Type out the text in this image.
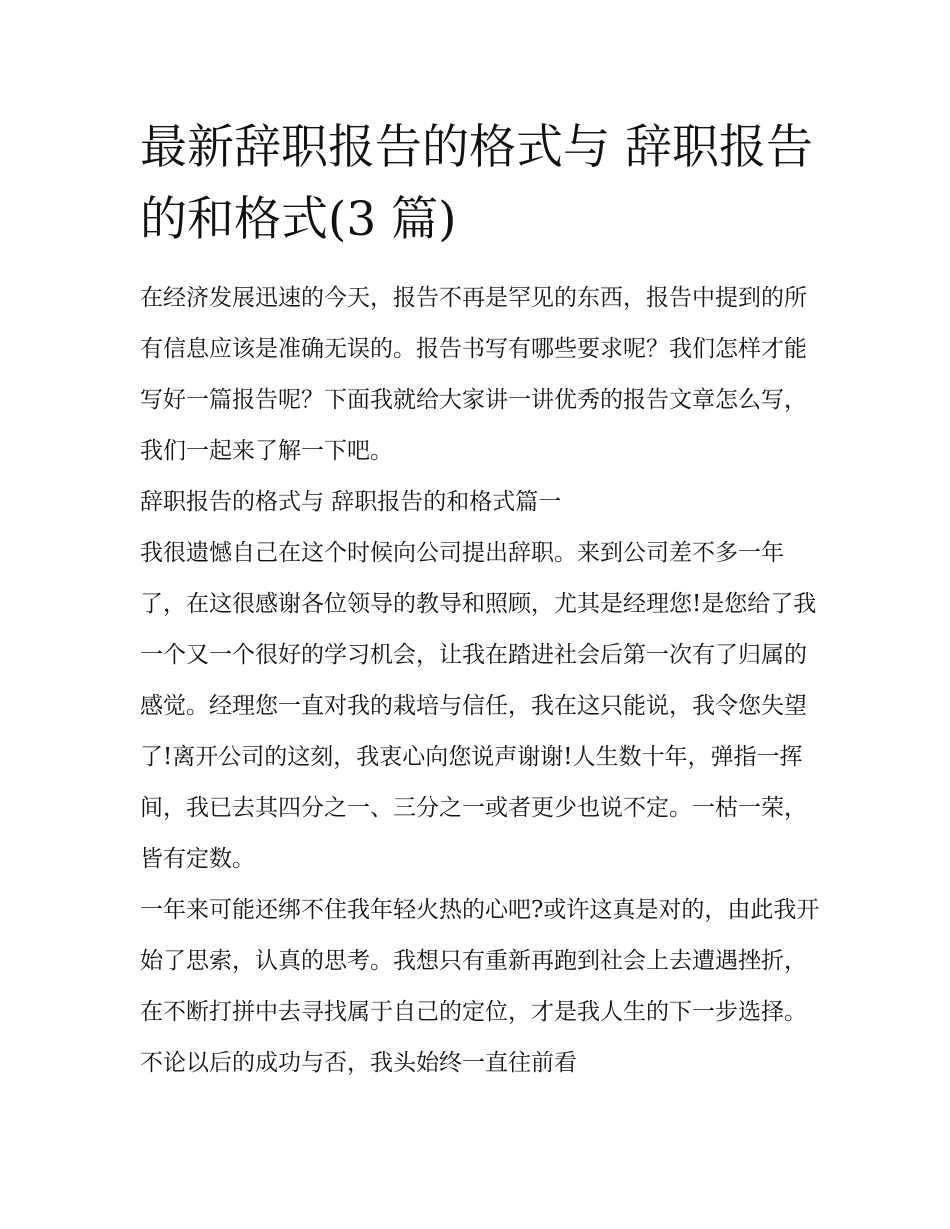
最新辞职报告的格式与 辞职报告的和格式(3 篇)

在经济发展迅速的今天，报告不再是罕见的东西，报告中提到的所有信息应该是准确无误的。报告书写有哪些要求呢？我们怎样才能写好一篇报告呢？下面我就给大家讲一讲优秀的报告文章怎么写，我们一起来了解一下吧。

辞职报告的格式与 辞职报告的和格式篇一

我很遗憾自己在这个时候向公司提出辞职。来到公司差不多一年了，在这很感谢各位领导的教导和照顾，尤其是经理您!是您给了我一个又一个很好的学习机会，让我在踏进社会后第一次有了归属的感觉。经理您一直对我的栽培与信任，我在这只能说，我令您失望了!离开公司的这刻，我衷心向您说声谢谢!人生数十年，弹指一挥间，我已去其四分之一、三分之一或者更少也说不定。一枯一荣，皆有定数。

一年来可能还绑不住我年轻火热的心吧?或许这真是对的，由此我开始了思索，认真的思考。我想只有重新再跑到社会上去遭遇挫折，在不断打拼中去寻找属于自己的定位，才是我人生的下一步选择。不论以后的成功与否，我头始终一直往前看
